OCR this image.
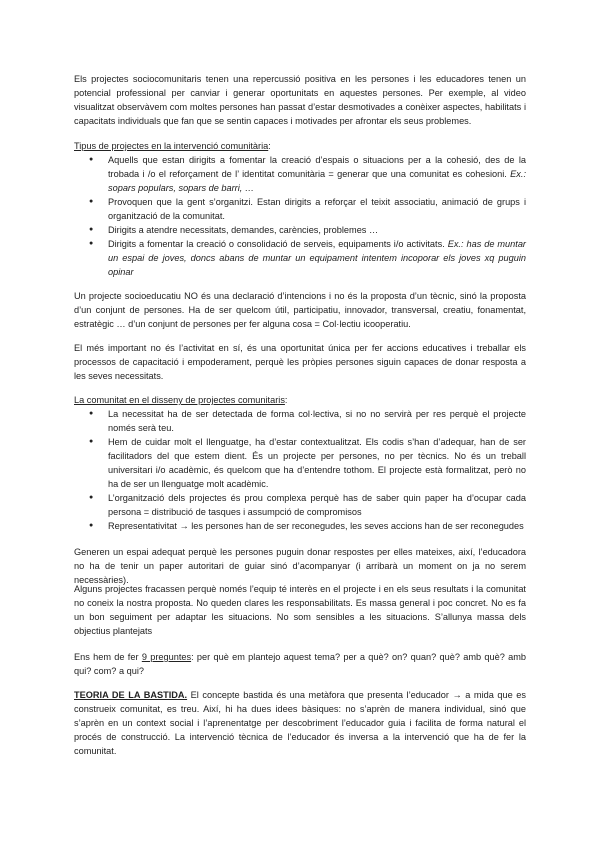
Els projectes sociocomunitaris tenen una repercussió positiva en les persones i les educadores tenen un potencial professional per canviar i generar oportunitats en aquestes persones. Per exemple, al video visualitzat observàvem com moltes persones han passat d’estar desmotivades a conèixer aspectes, habilitats i capacitats individuals que fan que se sentin capaces i motivades per afrontar els seus problemes.

Tipus de projectes en la intervenció comunitària:

● Aquells que estan dirigits a fomentar la creació d’espais o situacions per a la cohesió, des de la trobada i /o el reforçament de l’ identitat comunitària = generar que una comunitat es cohesioni. Ex.: sopars populars, sopars de barri, …
● Provoquen que la gent s’organitzi. Estan dirigits a reforçar el teixit associatiu, animació de grups i organització de la comunitat.
● Dirigits a atendre necessitats, demandes, carències, problemes …
● Dirigits a fomentar la creació o consolidació de serveis, equipaments i/o activitats. Ex.: has de muntar un espai de joves, doncs abans de muntar un equipament intentem incoporar els joves xq puguin opinar

Un projecte socioeducatiu NO és una declaració d’intencions i no és la proposta d’un tècnic, sinó la proposta d’un conjunt de persones. Ha de ser quelcom útil, participatiu, innovador, transversal, creatiu, fonamentat, estratègic … d’un conjunt de persones per fer alguna cosa = Col·lectiu icooperatiu.

El més important no és l’activitat en sí, és una oportunitat única per fer accions educatives i treballar els processos de capacitació i empoderament, perquè les pròpies persones siguin capaces de donar resposta a les seves necessitats.

La comunitat en el disseny de projectes comunitaris:

● La necessitat ha de ser detectada de forma col·lectiva, si no no servirà per res perquè el projecte només serà teu.
● Hem de cuidar molt el llenguatge, ha d’estar contextualitzat. Els codis s’han d’adequar, han de ser facilitadors del que estem dient. És un projecte per persones, no per tècnics. No és un treball universitari i/o acadèmic, és quelcom que ha d’entendre tothom. El projecte està formalitzat, però no ha de ser un llenguatge molt acadèmic.
● L’organització dels projectes és prou complexa perquè has de saber quin paper ha d’ocupar cada persona = distribució de tasques i assumpció de compromisos
● Representativitat → les persones han de ser reconegudes, les seves accions han de ser reconegudes

Generen un espai adequat perquè les persones puguin donar respostes per elles mateixes, així, l’educadora no ha de tenir un paper autoritari de guiar sinó d’acompanyar (i arribarà un moment on ja no serem necessàries).

Alguns projectes fracassen perquè només l’equip té interès en el projecte i en els seus resultats i la comunitat no coneix la nostra proposta. No queden clares les responsabilitats. Es massa general i poc concret. No es fa un bon seguiment per adaptar les situacions. No som sensibles a les situacions. S’allunya massa dels objectius plantejats

Ens hem de fer 9 preguntes: per què em plantejo aquest tema? per a què? on? quan? què? amb què? amb qui? com? a qui?

TEORIA DE LA BASTIDA. El concepte bastida és una metàfora que presenta l’educador → a mida que es construeix comunitat, es treu. Així, hi ha dues idees bàsiques: no s’aprèn de manera individual, sinó que s’aprèn en un context social i l’aprenentatge per descobriment l’educador guia i facilita de forma natural el procés de construcció. La intervenció tècnica de l’educador és inversa a la intervenció que ha de fer la comunitat.
